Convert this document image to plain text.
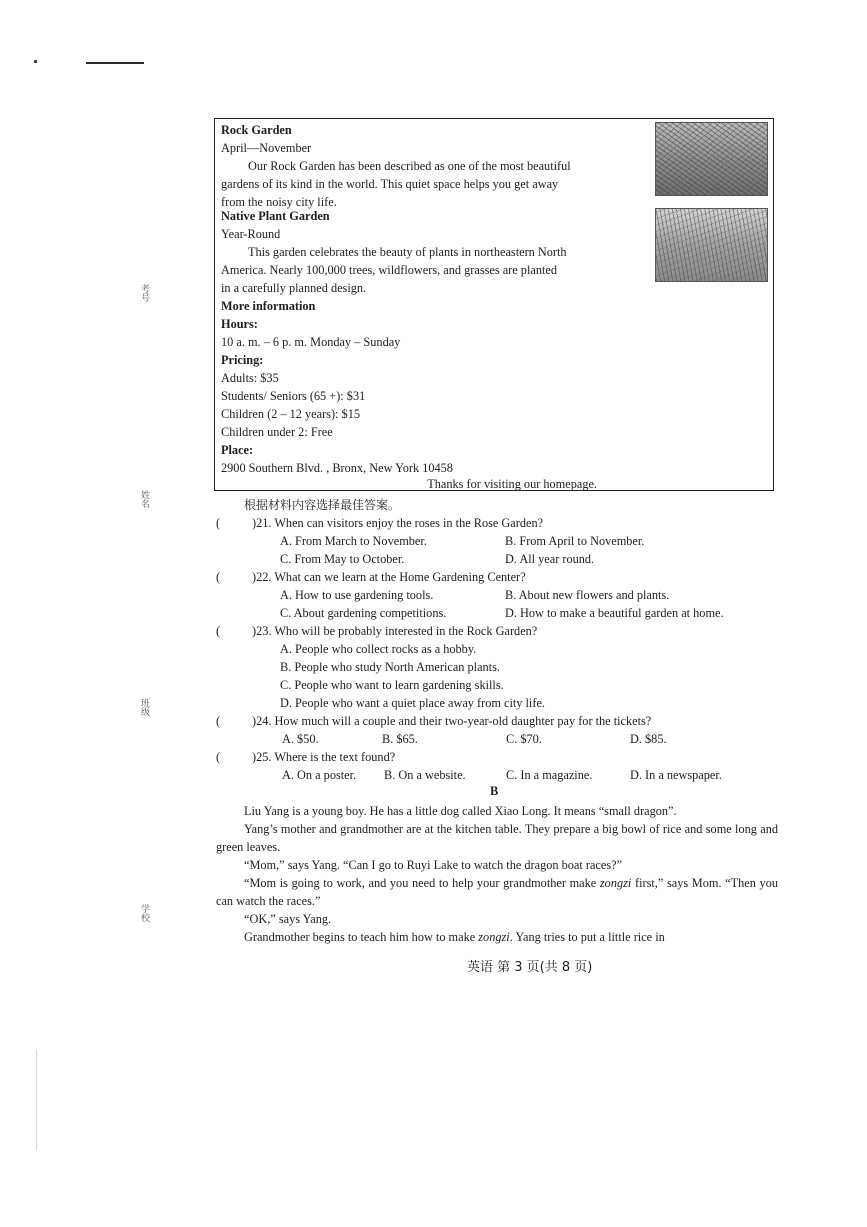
考号
姓名
班级
学校
Rock Garden
April—November
Our Rock Garden has been described as one of the most beautiful
gardens of its kind in the world. This quiet space helps you get away
from the noisy city life.
Native Plant Garden
Year-Round
This garden celebrates the beauty of plants in northeastern North
America. Nearly 100,000 trees, wildflowers, and grasses are planted
in a carefully planned design.
More information
Hours:
10 a. m. – 6 p. m. Monday – Sunday
Pricing:
Adults: $35
Students/ Seniors (65 +): $31
Children (2 – 12 years): $15
Children under 2: Free
Place:
2900 Southern Blvd. , Bronx, New York 10458
Thanks for visiting our homepage.
根据材料内容选择最佳答案。
(	)21. When can visitors enjoy the roses in the Rose Garden?
A. From March to November.	B. From April to November.
C. From May to October.	D. All year round.
(	)22. What can we learn at the Home Gardening Center?
A. How to use gardening tools.	B. About new flowers and plants.
C. About gardening competitions.	D. How to make a beautiful garden at home.
(	)23. Who will be probably interested in the Rock Garden?
A. People who collect rocks as a hobby.
B. People who study North American plants.
C. People who want to learn gardening skills.
D. People who want a quiet place away from city life.
(	)24. How much will a couple and their two-year-old daughter pay for the tickets?
A. $50.	B. $65.	C. $70.	D. $85.
(	)25. Where is the text found?
A. On a poster. B. On a website.	C. In a magazine.	D. In a newspaper.
B
Liu Yang is a young boy. He has a little dog called Xiao Long. It means “small dragon”.
Yang’s mother and grandmother are at the kitchen table. They prepare a big bowl of rice and some long and green leaves.
“Mom,” says Yang. “Can I go to Ruyi Lake to watch the dragon boat races?”
“Mom is going to work, and you need to help your grandmother make zongzi first,” says Mom. “Then you can watch the races.”
“OK,” says Yang.
Grandmother begins to teach him how to make zongzi. Yang tries to put a little rice in
英语 第 3 页(共 8 页)
